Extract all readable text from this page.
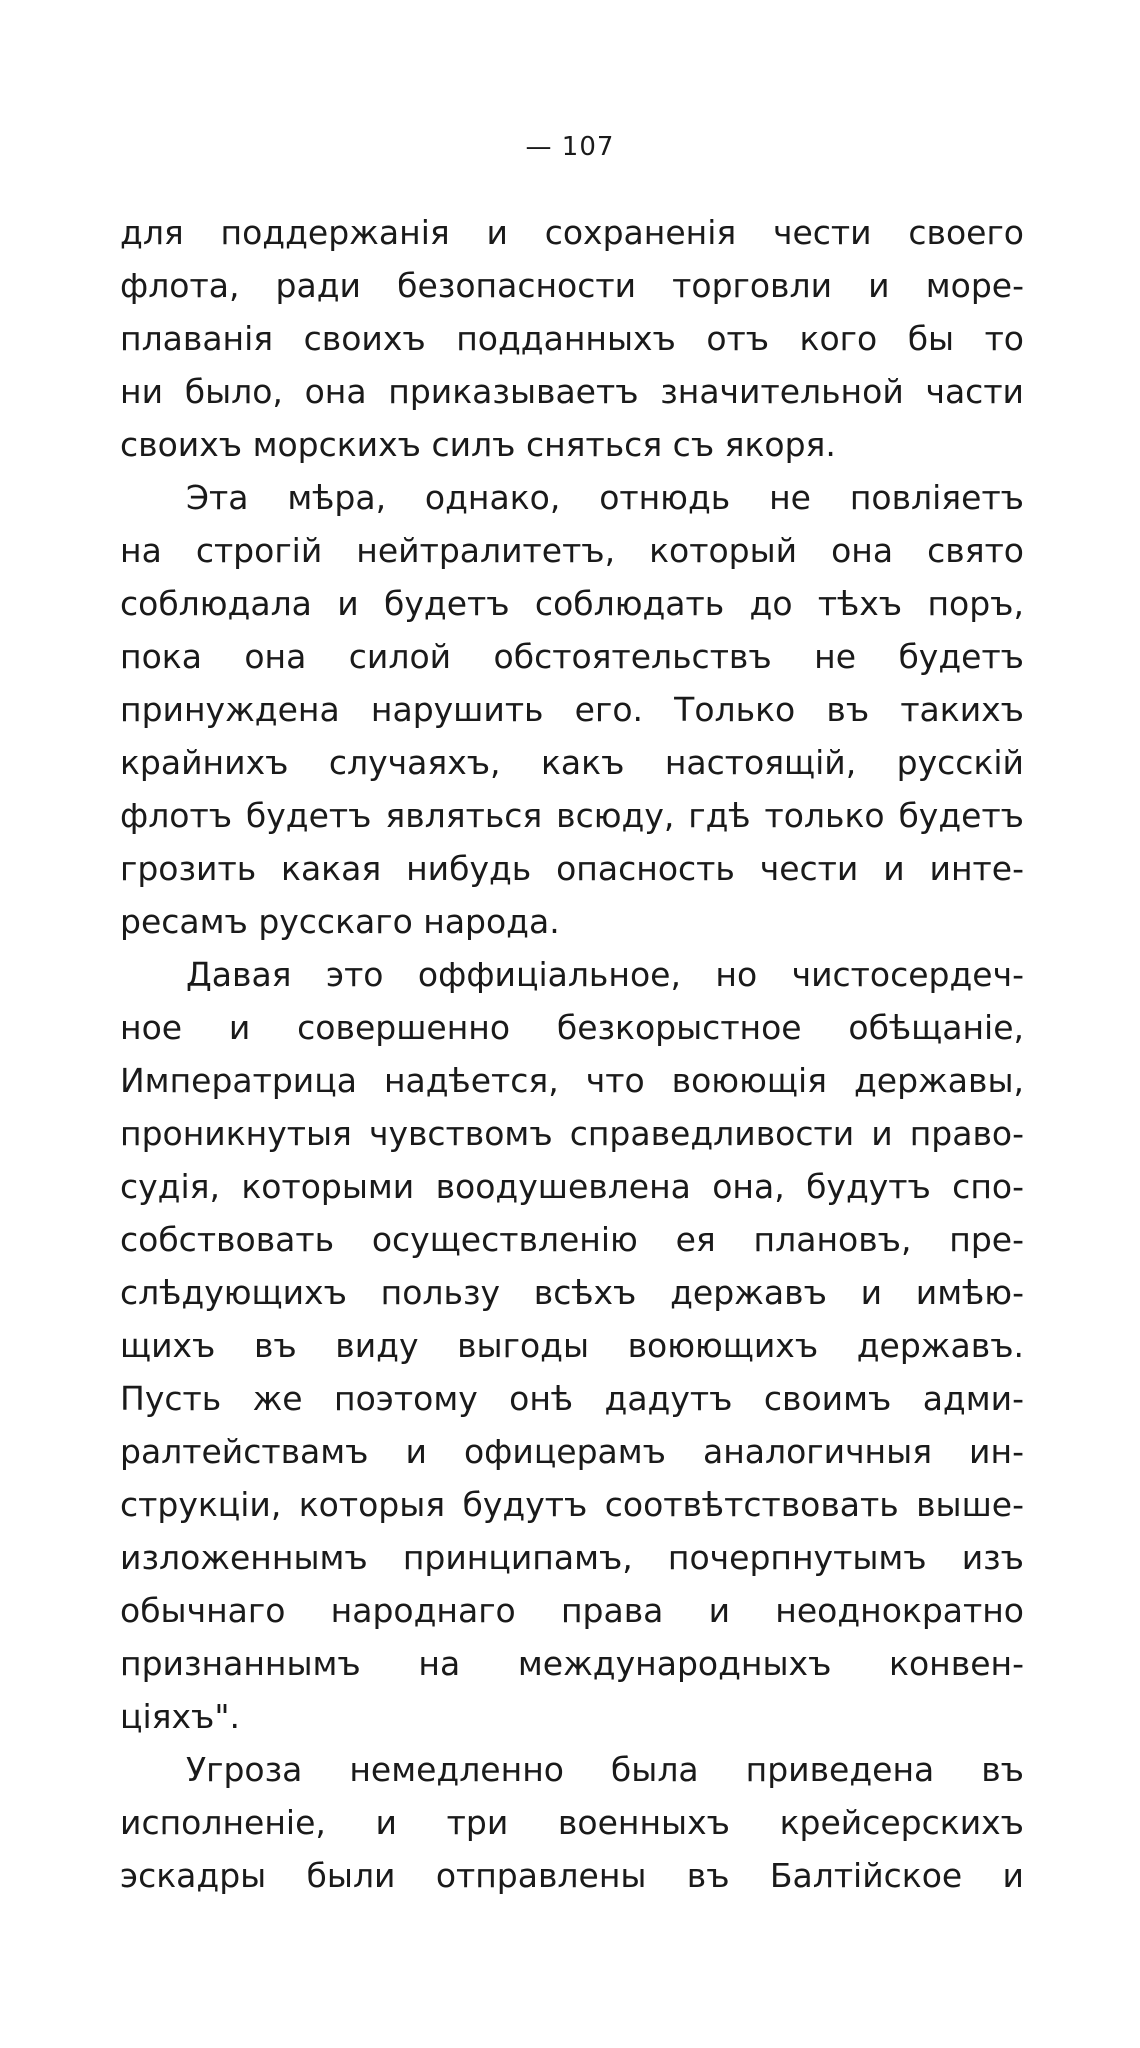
— 107
для поддержанія и сохраненія чести своего
флота, ради безопасности торговли и море-
плаванія своихъ подданныхъ отъ кого бы то
ни было, она приказываетъ значительной части
своихъ морскихъ силъ сняться съ якоря.
Эта мѣра, однако, отнюдь не повліяетъ
на строгій нейтралитетъ, который она свято
соблюдала и будетъ соблюдать до тѣхъ поръ,
пока она силой обстоятельствъ не будетъ
принуждена нарушить его. Только въ такихъ
крайнихъ случаяхъ, какъ настоящій, русскій
флотъ будетъ являться всюду, гдѣ только будетъ
грозить какая нибудь опасность чести и инте-
ресамъ русскаго народа.
Давая это оффиціальное, но чистосердеч-
ное и совершенно безкорыстное обѣщаніе,
Императрица надѣется, что воюющія державы,
проникнутыя чувствомъ справедливости и право-
судія, которыми воодушевлена она, будутъ спо-
собствовать осуществленію ея плановъ, пре-
слѣдующихъ пользу всѣхъ державъ и имѣю-
щихъ въ виду выгоды воюющихъ державъ.
Пусть же поэтому онѣ дадутъ своимъ адми-
ралтействамъ и офицерамъ аналогичныя ин-
струкціи, которыя будутъ соотвѣтствовать выше-
изложеннымъ принципамъ, почерпнутымъ изъ
обычнаго народнаго права и неоднократно
признаннымъ на международныхъ конвен-
ціяхъ".
Угроза немедленно была приведена въ
исполненіе, и три военныхъ крейсерскихъ
эскадры были отправлены въ Балтійское и
